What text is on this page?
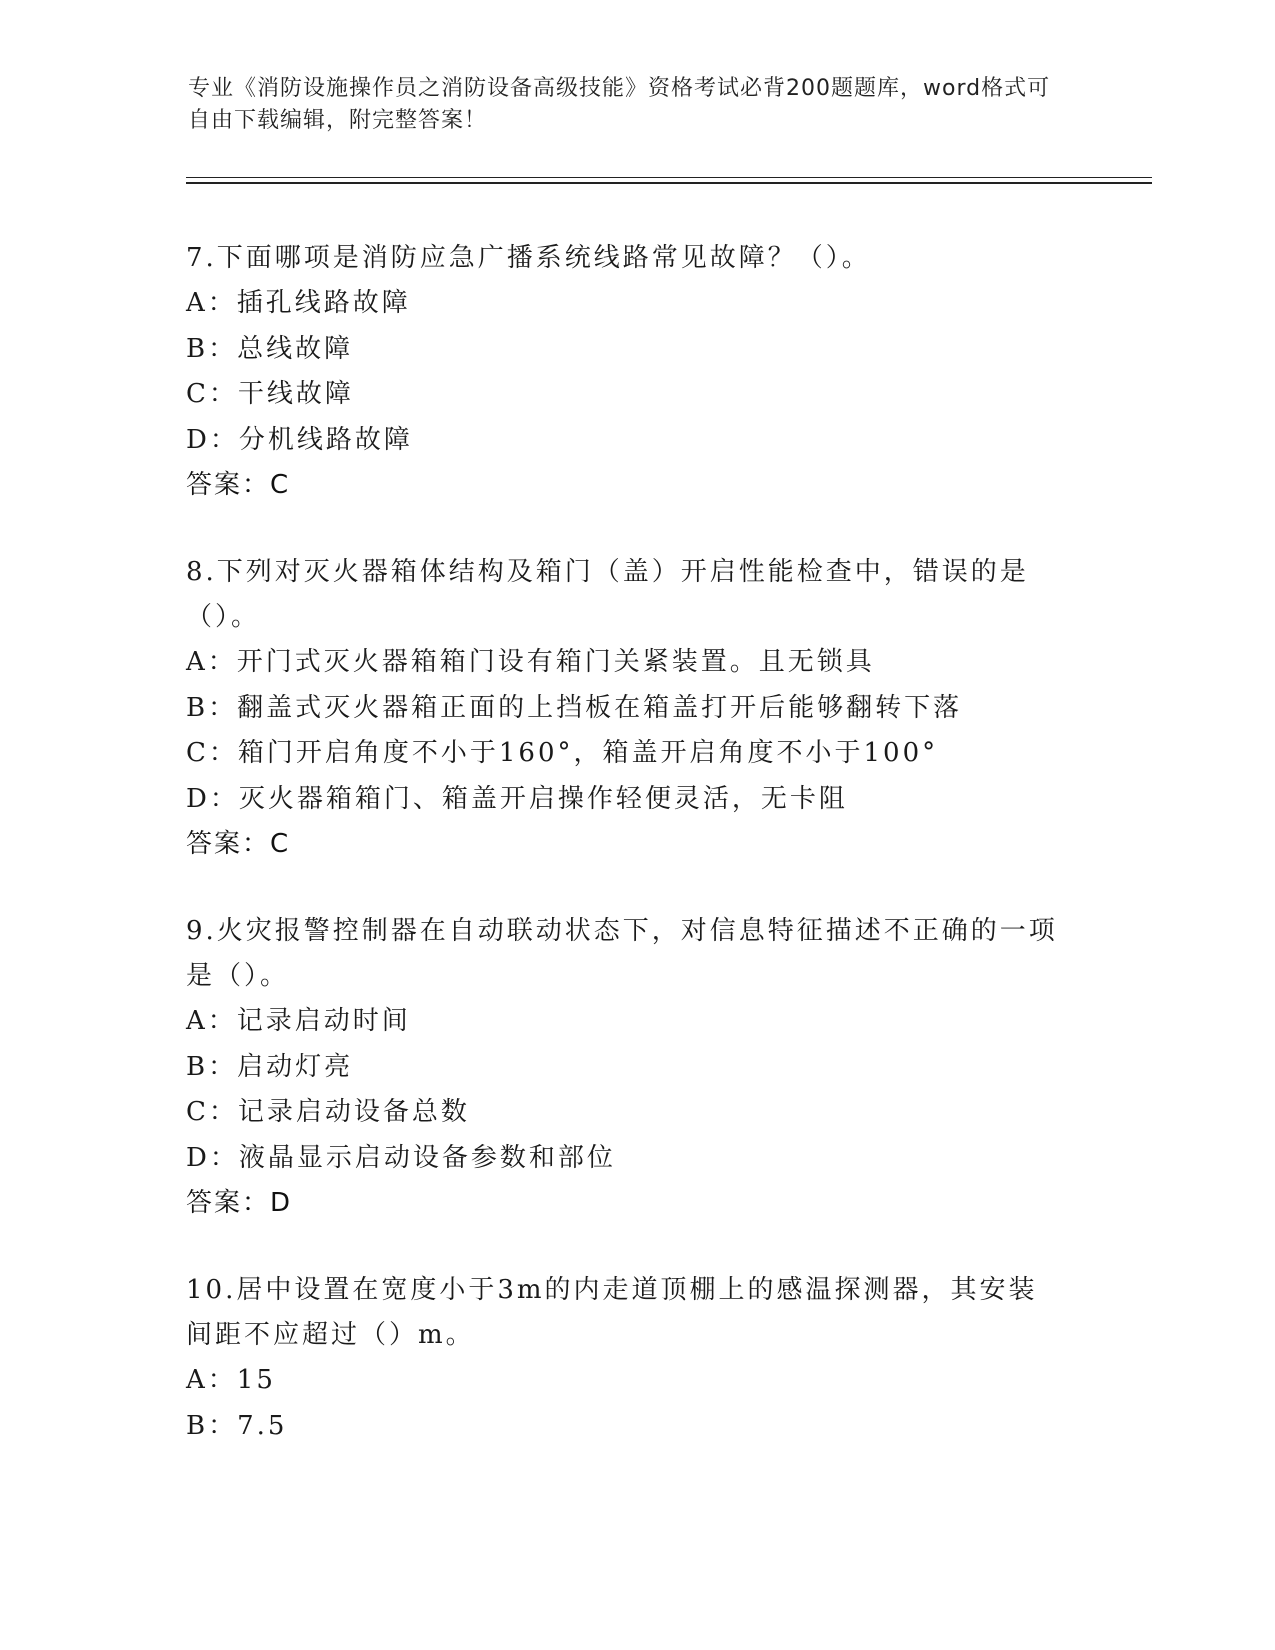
专业《消防设施操作员之消防设备高级技能》资格考试必背200题题库，word格式可自由下载编辑，附完整答案！

7.下面哪项是消防应急广播系统线路常见故障？（）。

A：插孔线路故障

B：总线故障

C：干线故障

D：分机线路故障

答案：C

8.下列对灭火器箱体结构及箱门（盖）开启性能检查中，错误的是（）。

A：开门式灭火器箱箱门设有箱门关紧装置。且无锁具

B：翻盖式灭火器箱正面的上挡板在箱盖打开后能够翻转下落

C：箱门开启角度不小于160°，箱盖开启角度不小于100°

D：灭火器箱箱门、箱盖开启操作轻便灵活，无卡阻

答案：C

9.火灾报警控制器在自动联动状态下，对信息特征描述不正确的一项是（）。

A：记录启动时间

B：启动灯亮

C：记录启动设备总数

D：液晶显示启动设备参数和部位

答案：D

10.居中设置在宽度小于3m的内走道顶棚上的感温探测器，其安装间距不应超过（）m。

A：15

B：7.5
